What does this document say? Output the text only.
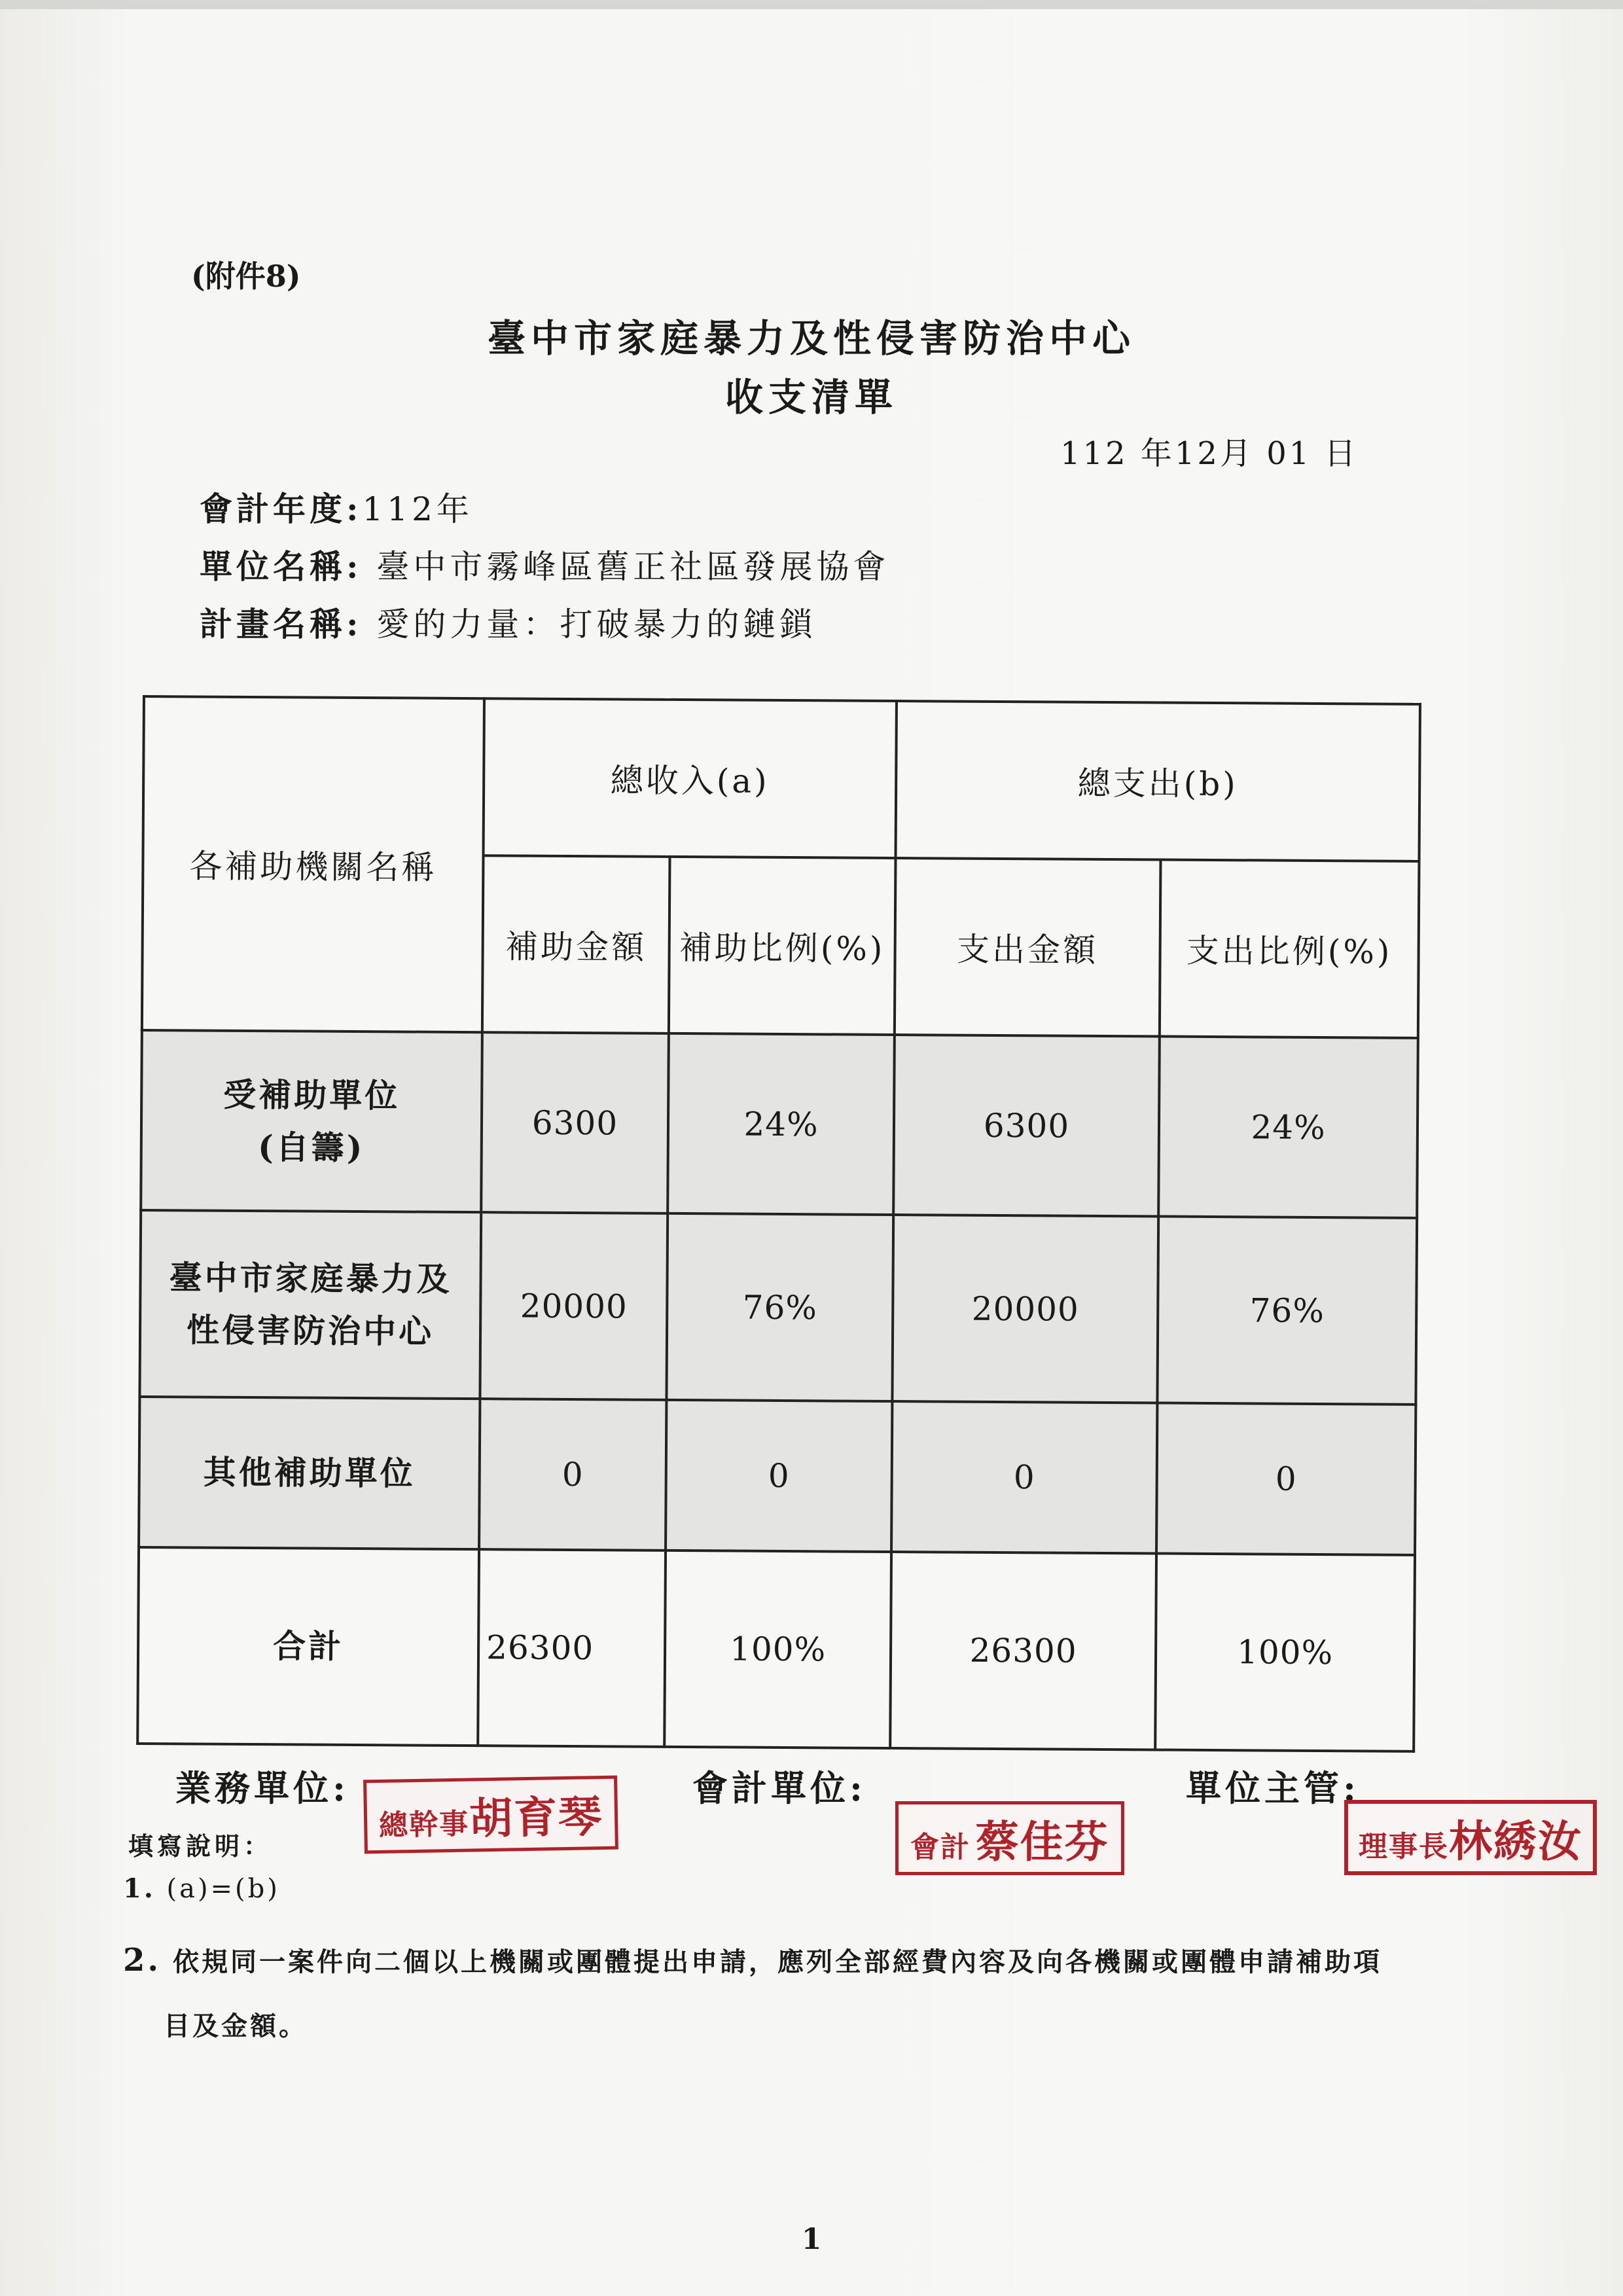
(附件8)
臺中市家庭暴力及性侵害防治中心
收支清單
112 年12月 01 日
會計年度:112年
單位名稱: 臺中市霧峰區舊正社區發展協會
計畫名稱: 愛的力量：打破暴力的鏈鎖
各補助機關名稱	總收入(a)		總支出(b)	
	補助金額	補助比例(%)	支出金額	支出比例(%)

受補助單位
(自籌)	6300	24%	6300	24%

臺中市家庭暴力及
性侵害防治中心	20000	76%	20000	76%
其他補助單位	0	0	0	0
合計	26300	100%	26300	100%
業務單位:
總幹事胡育琴
會計單位:
會計 蔡佳芬
單位主管:
理事長林綉汝
填寫說明：
1. (a)=(b)
2. 依規同一案件向二個以上機關或團體提出申請，應列全部經費內容及向各機關或團體申請補助項
目及金額。
1
